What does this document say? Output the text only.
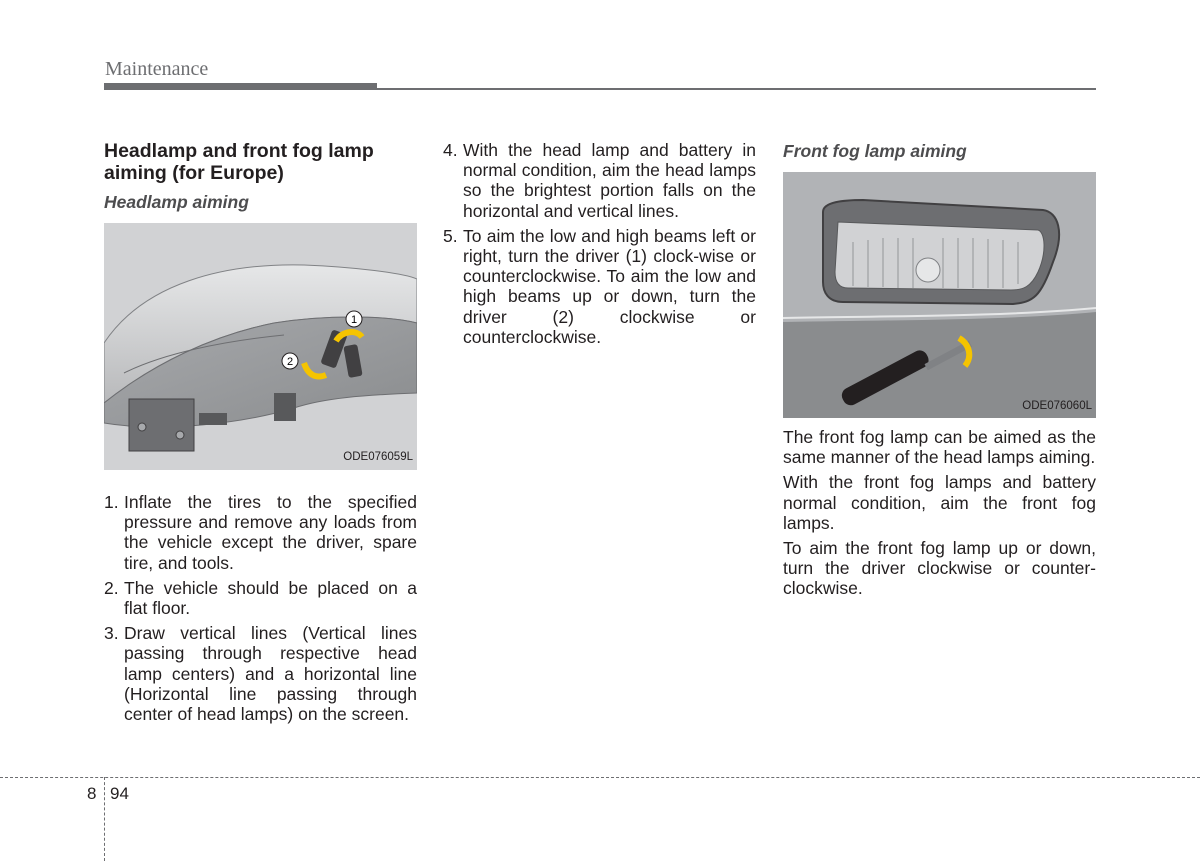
Maintenance
Headlamp and front fog lamp aiming (for Europe)
Headlamp aiming
1
2
ODE076059L
1. Inflate the tires to the specified pressure and remove any loads from the vehicle except the driver, spare tire, and tools.
2. The vehicle should be placed on a flat floor.
3. Draw vertical lines (Vertical lines passing through respective head lamp centers) and a horizontal line (Horizontal line passing through center of head lamps) on the screen.
4. With the head lamp and battery in normal condition, aim the head lamps so the brightest portion falls on the horizontal and vertical lines.
5. To aim the low and high beams left or right, turn the driver (1) clock-wise or counterclockwise. To aim the low and high beams up or down, turn the driver (2) clockwise or counterclockwise.
Front fog lamp aiming
ODE076060L

The front fog lamp can be aimed as the same manner of the head lamps aiming.

With the front fog lamps and battery normal condition, aim the front fog lamps.

To aim the front fog lamp up or down, turn the driver clockwise or counter-clockwise.

8 94
